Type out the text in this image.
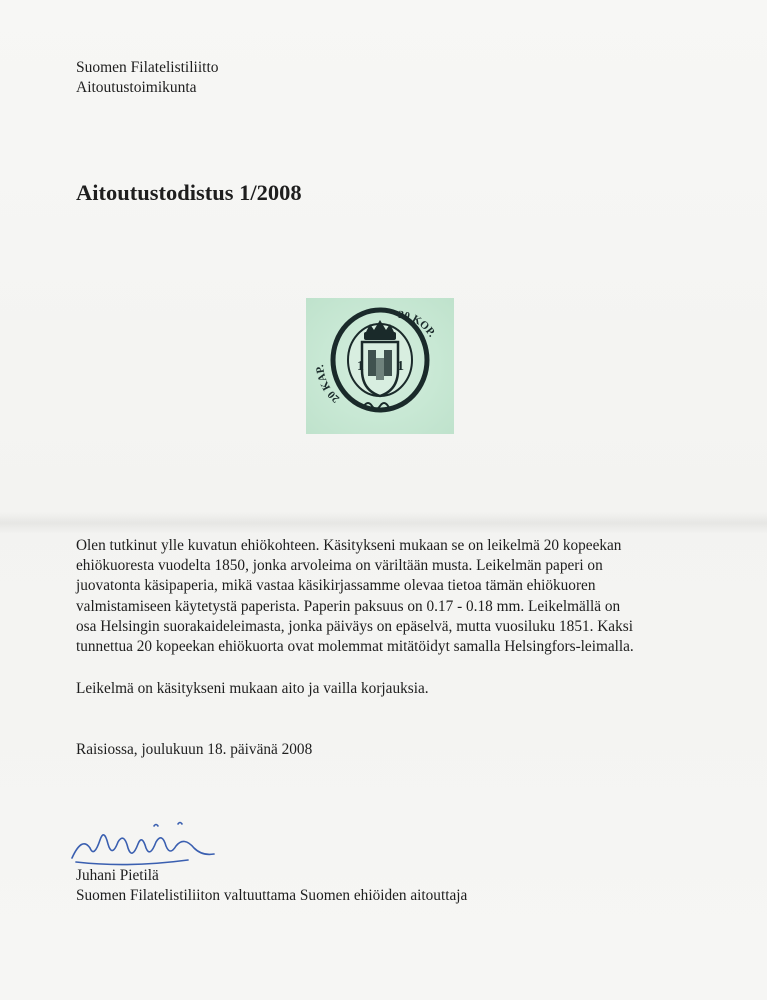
Suomen Filatelistiliitto
Aitoutustoimikunta
Aitoutustodistus 1/2008
20 KAP.
20 KOP.
1 1
Olen tutkinut ylle kuvatun ehiökohteen. Käsitykseni mukaan se on leikelmä 20 kopeekan
ehiökuoresta vuodelta 1850, jonka arvoleima on väriltään musta. Leikelmän paperi on
juovatonta käsipaperia, mikä vastaa käsikirjassamme olevaa tietoa tämän ehiökuoren
valmistamiseen käytetystä paperista. Paperin paksuus on 0.17 - 0.18 mm. Leikelmällä on
osa Helsingin suorakaideleimasta, jonka päiväys on epäselvä, mutta vuosiluku 1851. Kaksi
tunnettua 20 kopeekan ehiökuorta ovat molemmat mitätöidyt samalla Helsingfors-leimalla.
Leikelmä on käsitykseni mukaan aito ja vailla korjauksia.
Raisiossa, joulukuun 18. päivänä 2008
Juhani Pietilä
Suomen Filatelistiliiton valtuuttama Suomen ehiöiden aitouttaja
